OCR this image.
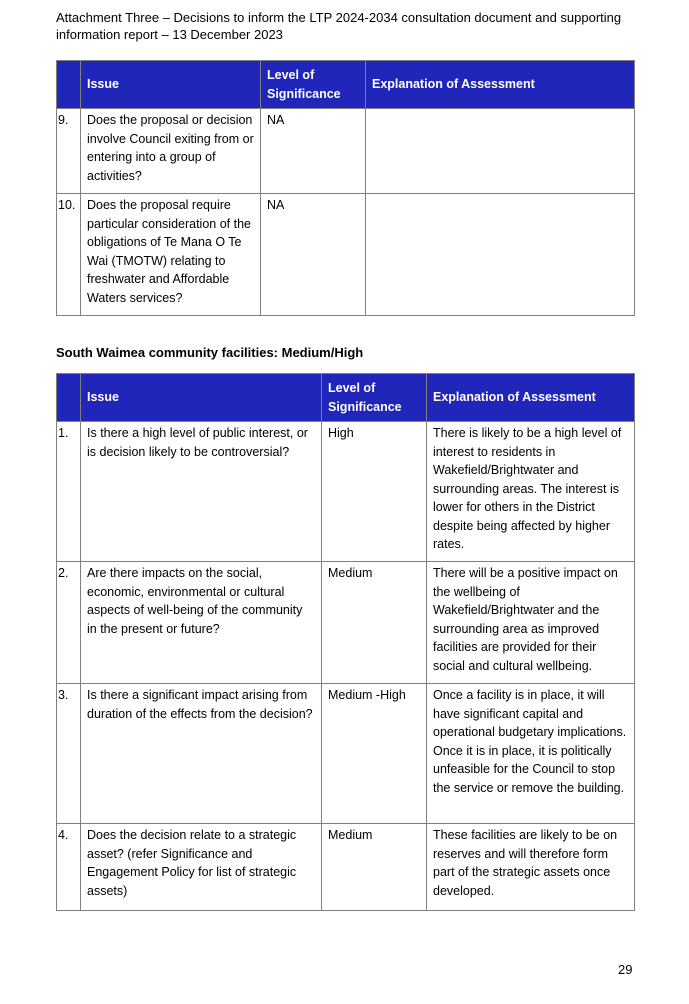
Attachment Three – Decisions to inform the LTP 2024-2034 consultation document and supporting
information report – 13 December 2023
	Issue	Level of Significance	Explanation of Assessment
9.	Does the proposal or decision involve Council exiting from or entering into a group of activities?	NA	
10.	Does the proposal require particular consideration of the obligations of Te Mana O Te Wai (TMOTW) relating to freshwater and Affordable Waters services?	NA	
South Waimea community facilities: Medium/High
	Issue	Level of Significance	Explanation of Assessment
1.	Is there a high level of public interest, or is decision likely to be controversial?	High	There is likely to be a high level of interest to residents in Wakefield/Brightwater and surrounding areas. The interest is lower for others in the District despite being affected by higher rates.
2.	Are there impacts on the social, economic, environmental or cultural aspects of well-being of the community in the present or future?	Medium	There will be a positive impact on the wellbeing of Wakefield/Brightwater and the surrounding area as improved facilities are provided for their social and cultural wellbeing.
3.	Is there a significant impact arising from duration of the effects from the decision?	Medium -High	Once a facility is in place, it will have significant capital and operational budgetary implications. Once it is in place, it is politically unfeasible for the Council to stop the service or remove the building.
4.	Does the decision relate to a strategic asset? (refer Significance and Engagement Policy for list of strategic assets)	Medium	These facilities are likely to be on reserves and will therefore form part of the strategic assets once developed.
29
